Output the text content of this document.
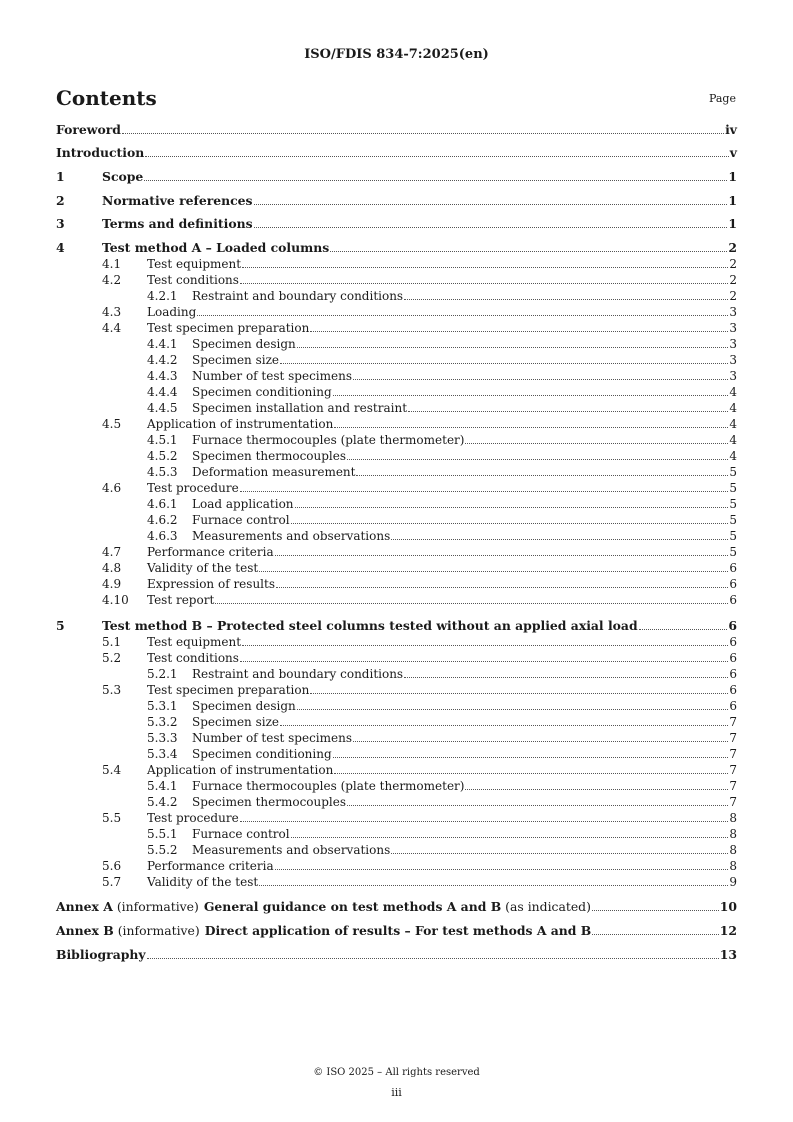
ISO/FDIS 834-7:2025(en)
Contents	Page
Foreword	iv
Introduction	v
1	Scope	1
2	Normative references	1
3	Terms and definitions	1
4	Test method A – Loaded columns	2
4.1	Test equipment	2
4.2	Test conditions	2
4.2.1	Restraint and boundary conditions	2
4.3	Loading	3
4.4	Test specimen preparation	3
4.4.1	Specimen design	3
4.4.2	Specimen size	3
4.4.3	Number of test specimens	3
4.4.4	Specimen conditioning	4
4.4.5	Specimen installation and restraint	4
4.5	Application of instrumentation	4
4.5.1	Furnace thermocouples (plate thermometer)	4
4.5.2	Specimen thermocouples	4
4.5.3	Deformation measurement	5
4.6	Test procedure	5
4.6.1	Load application	5
4.6.2	Furnace control	5
4.6.3	Measurements and observations	5
4.7	Performance criteria	5
4.8	Validity of the test	6
4.9	Expression of results	6
4.10	Test report	6
5	Test method B – Protected steel columns tested without an applied axial load	6
5.1	Test equipment	6
5.2	Test conditions	6
5.2.1	Restraint and boundary conditions	6
5.3	Test specimen preparation	6
5.3.1	Specimen design	6
5.3.2	Specimen size	7
5.3.3	Number of test specimens	7
5.3.4	Specimen conditioning	7
5.4	Application of instrumentation	7
5.4.1	Furnace thermocouples (plate thermometer)	7
5.4.2	Specimen thermocouples	7
5.5	Test procedure	8
5.5.1	Furnace control	8
5.5.2	Measurements and observations	8
5.6	Performance criteria	8
5.7	Validity of the test	9
Annex A (informative) General guidance on test methods A and B (as indicated)	10
Annex B (informative) Direct application of results – For test methods A and B	12
Bibliography	13
© ISO 2025 – All rights reserved
iii
